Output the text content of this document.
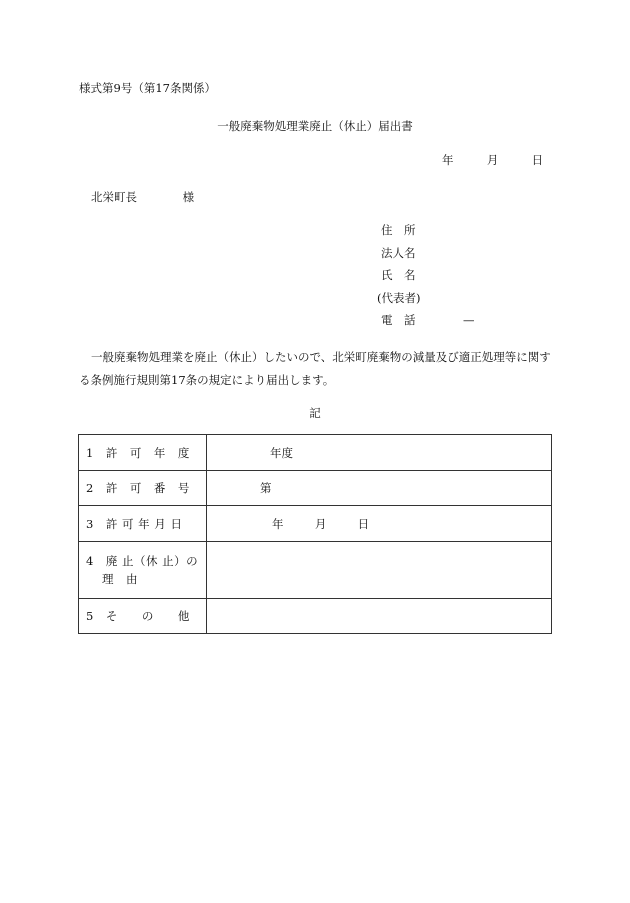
様式第9号（第17条関係）
一般廃棄物処理業廃止（休止）届出書
年	月	日
北栄町長	様
住　所
法人名
氏　名
(代表者)
電　話	—
一般廃棄物処理業を廃止（休止）したいので、北栄町廃棄物の減量及び適正処理等に関する条例施行規則第17条の規定により届出します。
記
1　許　可　年　度	年度
2　許　可　番　号	第
3　許 可 年 月 日	年 月 日

4　廃 止（休 止）の
理　由	

5　そ　　の　　他	
